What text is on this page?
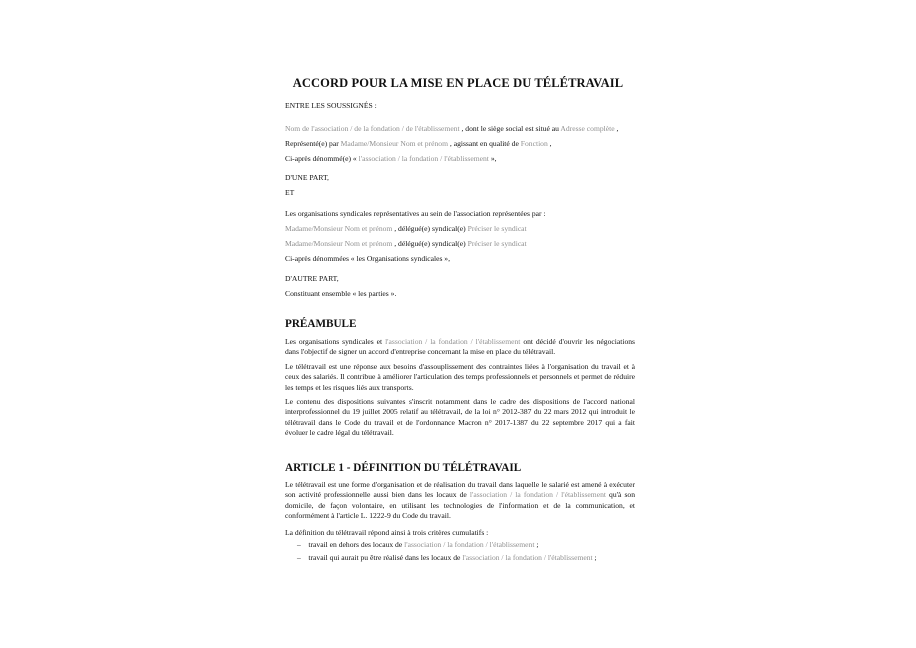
ACCORD POUR LA MISE EN PLACE DU TÉLÉTRAVAIL
ENTRE LES SOUSSIGNÉS :
Nom de l'association / de la fondation / de l'établissement , dont le siège social est situé au Adresse complète ,
Représenté(e) par Madame/Monsieur Nom et prénom , agissant en qualité de Fonction ,
Ci-après dénommé(e) « l'association / la fondation / l'établissement »,
D'UNE PART,
ET
Les organisations syndicales représentatives au sein de l'association représentées par :
Madame/Monsieur Nom et prénom , délégué(e) syndical(e) Préciser le syndicat
Madame/Monsieur Nom et prénom , délégué(e) syndical(e) Préciser le syndicat
Ci-après dénommées « les Organisations syndicales »,
D'AUTRE PART,
Constituant ensemble « les parties ».
PRÉAMBULE
Les organisations syndicales et l'association / la fondation / l'établissement ont décidé d'ouvrir les négociations dans l'objectif de signer un accord d'entreprise concernant la mise en place du télétravail.
Le télétravail est une réponse aux besoins d'assouplissement des contraintes liées à l'organisation du travail et à ceux des salariés. Il contribue à améliorer l'articulation des temps professionnels et personnels et permet de réduire les temps et les risques liés aux transports.
Le contenu des dispositions suivantes s'inscrit notamment dans le cadre des dispositions de l'accord national interprofessionnel du 19 juillet 2005 relatif au télétravail, de la loi n° 2012-387 du 22 mars 2012 qui introduit le télétravail dans le Code du travail et de l'ordonnance Macron n° 2017-1387 du 22 septembre 2017 qui a fait évoluer le cadre légal du télétravail.
ARTICLE 1 - DÉFINITION DU TÉLÉTRAVAIL
Le télétravail est une forme d'organisation et de réalisation du travail dans laquelle le salarié est amené à exécuter son activité professionnelle aussi bien dans les locaux de l'association / la fondation / l'établissement qu'à son domicile, de façon volontaire, en utilisant les technologies de l'information et de la communication, et conformément à l'article L. 1222-9 du Code du travail.
La définition du télétravail répond ainsi à trois critères cumulatifs :
– travail en dehors des locaux de l'association / la fondation / l'établissement ;
– travail qui aurait pu être réalisé dans les locaux de l'association / la fondation / l'établissement ;
